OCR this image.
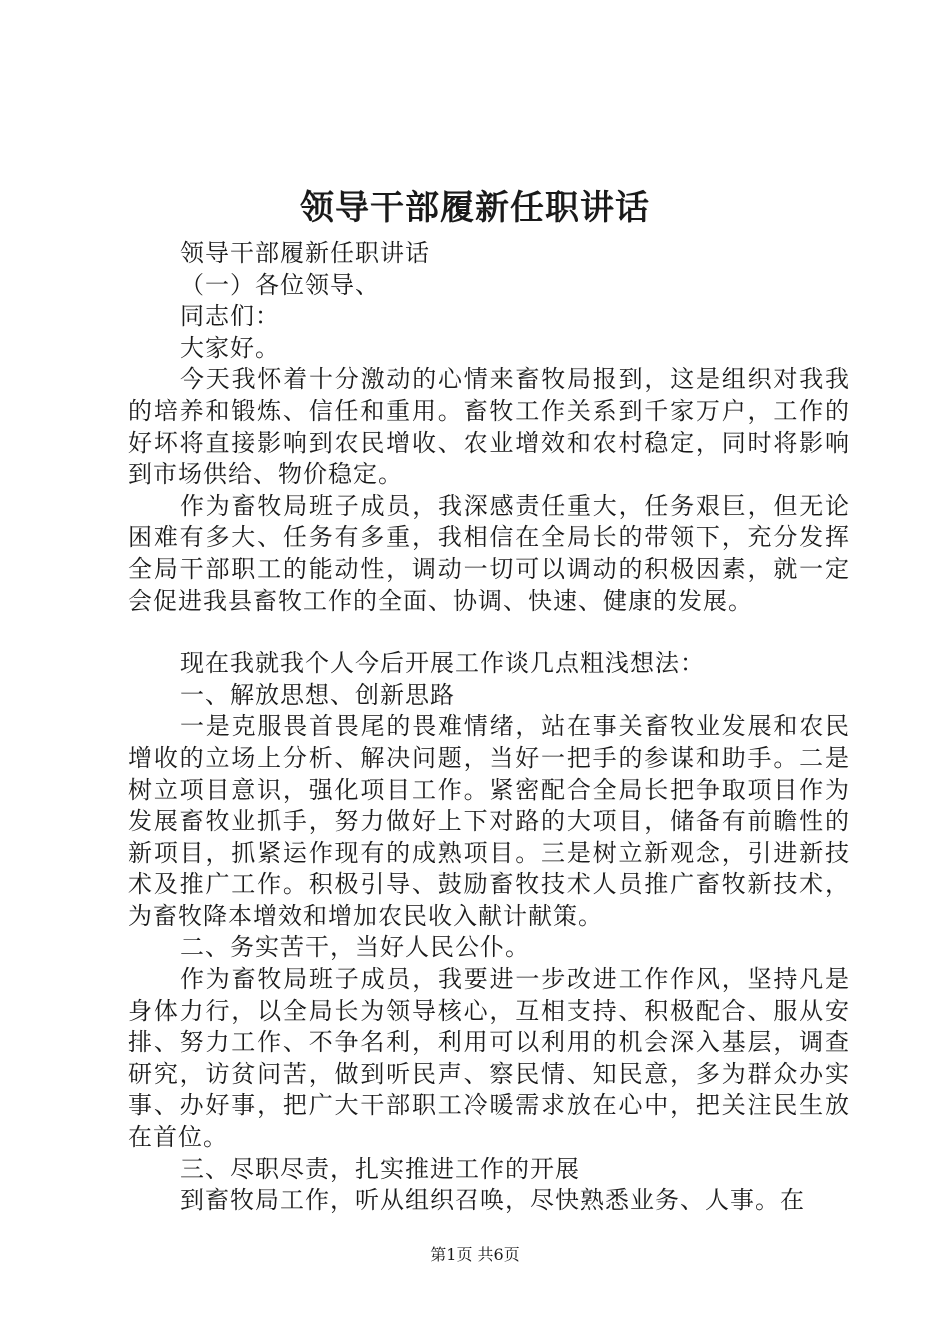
领导干部履新任职讲话

领导干部履新任职讲话

（一）各位领导、

同志们：

大家好。

今天我怀着十分激动的心情来畜牧局报到，这是组织对我我的培养和锻炼、信任和重用。畜牧工作关系到千家万户，工作的好坏将直接影响到农民增收、农业增效和农村稳定，同时将影响到市场供给、物价稳定。

作为畜牧局班子成员，我深感责任重大，任务艰巨，但无论困难有多大、任务有多重，我相信在全局长的带领下，充分发挥全局干部职工的能动性，调动一切可以调动的积极因素，就一定会促进我县畜牧工作的全面、协调、快速、健康的发展。

现在我就我个人今后开展工作谈几点粗浅想法：

一、解放思想、创新思路

一是克服畏首畏尾的畏难情绪，站在事关畜牧业发展和农民增收的立场上分析、解决问题，当好一把手的参谋和助手。二是树立项目意识，强化项目工作。紧密配合全局长把争取项目作为发展畜牧业抓手，努力做好上下对路的大项目，储备有前瞻性的新项目，抓紧运作现有的成熟项目。三是树立新观念，引进新技术及推广工作。积极引导、鼓励畜牧技术人员推广畜牧新技术，为畜牧降本增效和增加农民收入献计献策。

二、务实苦干，当好人民公仆。

作为畜牧局班子成员，我要进一步改进工作作风，坚持凡是身体力行，以全局长为领导核心，互相支持、积极配合、服从安排、努力工作、不争名利，利用可以利用的机会深入基层，调查研究，访贫问苦，做到听民声、察民情、知民意，多为群众办实事、办好事，把广大干部职工冷暖需求放在心中，把关注民生放在首位。

三、尽职尽责，扎实推进工作的开展

到畜牧局工作，听从组织召唤，尽快熟悉业务、人事。在

第1页 共6页
